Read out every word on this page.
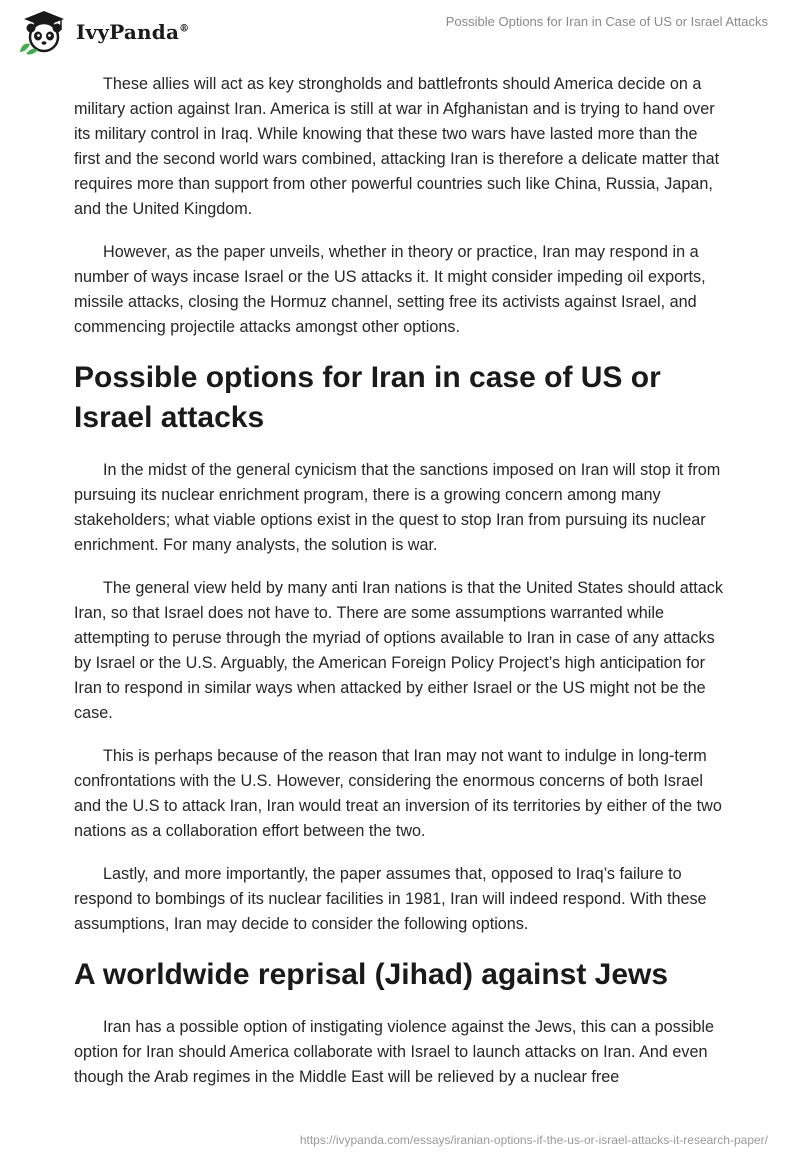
IvyPanda®	Possible Options for Iran in Case of US or Israel Attacks

These allies will act as key strongholds and battlefronts should America decide on a military action against Iran. America is still at war in Afghanistan and is trying to hand over its military control in Iraq. While knowing that these two wars have lasted more than the first and the second world wars combined, attacking Iran is therefore a delicate matter that requires more than support from other powerful countries such like China, Russia, Japan, and the United Kingdom.

However, as the paper unveils, whether in theory or practice, Iran may respond in a number of ways incase Israel or the US attacks it. It might consider impeding oil exports, missile attacks, closing the Hormuz channel, setting free its activists against Israel, and commencing projectile attacks amongst other options.

Possible options for Iran in case of US or Israel attacks

In the midst of the general cynicism that the sanctions imposed on Iran will stop it from pursuing its nuclear enrichment program, there is a growing concern among many stakeholders; what viable options exist in the quest to stop Iran from pursuing its nuclear enrichment. For many analysts, the solution is war.

The general view held by many anti Iran nations is that the United States should attack Iran, so that Israel does not have to. There are some assumptions warranted while attempting to peruse through the myriad of options available to Iran in case of any attacks by Israel or the U.S. Arguably, the American Foreign Policy Project’s high anticipation for Iran to respond in similar ways when attacked by either Israel or the US might not be the case.

This is perhaps because of the reason that Iran may not want to indulge in long-term confrontations with the U.S. However, considering the enormous concerns of both Israel and the U.S to attack Iran, Iran would treat an inversion of its territories by either of the two nations as a collaboration effort between the two.

Lastly, and more importantly, the paper assumes that, opposed to Iraq’s failure to respond to bombings of its nuclear facilities in 1981, Iran will indeed respond. With these assumptions, Iran may decide to consider the following options.

A worldwide reprisal (Jihad) against Jews

Iran has a possible option of instigating violence against the Jews, this can a possible option for Iran should America collaborate with Israel to launch attacks on Iran. And even though the Arab regimes in the Middle East will be relieved by a nuclear free

https://ivypanda.com/essays/iranian-options-if-the-us-or-israel-attacks-it-research-paper/
